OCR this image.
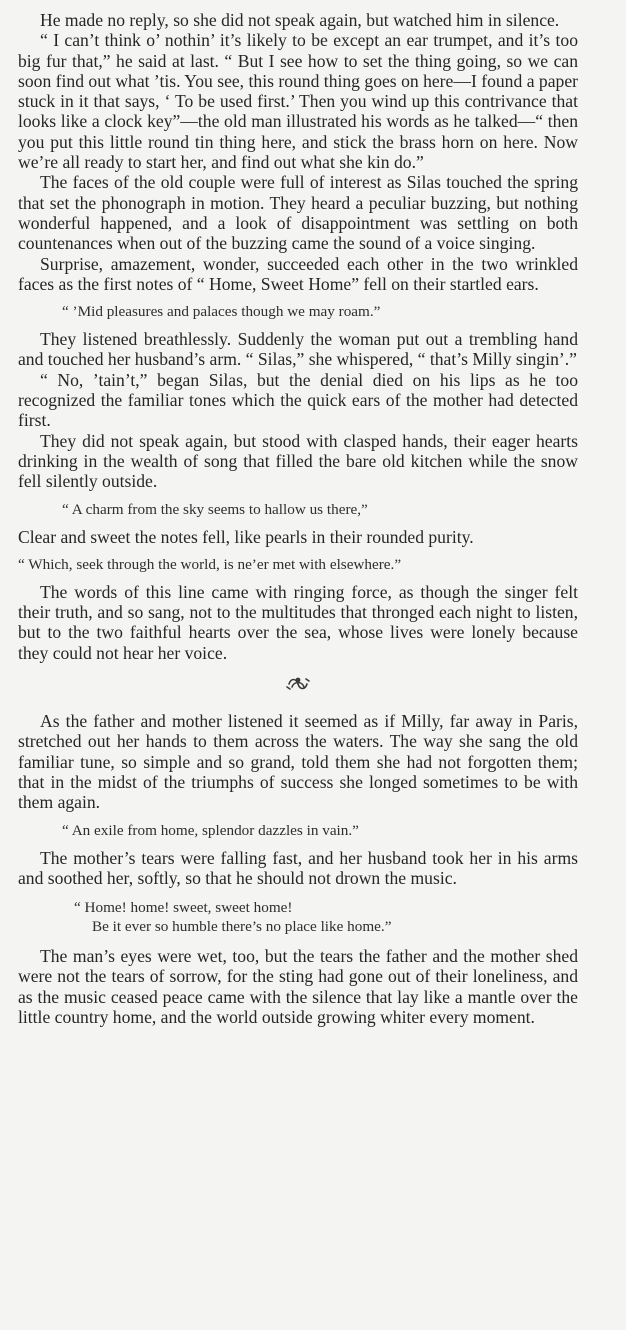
He made no reply, so she did not speak again, but watched him in silence.

“ I can’t think o’ nothin’ it’s likely to be except an ear trumpet, and it’s too big fur that,” he said at last. “ But I see how to set the thing going, so we can soon find out what ’tis. You see, this round thing goes on here—I found a paper stuck in it that says, ‘ To be used first.’ Then you wind up this contrivance that looks like a clock key”—the old man illustrated his words as he talked—“ then you put this little round tin thing here, and stick the brass horn on here. Now we’re all ready to start her, and find out what she kin do.”

The faces of the old couple were full of interest as Silas touched the spring that set the phonograph in motion. They heard a peculiar buzzing, but nothing wonderful happened, and a look of disappointment was settling on both countenances when out of the buzzing came the sound of a voice singing.

Surprise, amazement, wonder, succeeded each other in the two wrinkled faces as the first notes of “ Home, Sweet Home” fell on their startled ears.

“ ’Mid pleasures and palaces though we may roam.”

They listened breathlessly. Suddenly the woman put out a trembling hand and touched her husband’s arm. “ Silas,” she whispered, “ that’s Milly singin’.”

“ No, ’tain’t,” began Silas, but the denial died on his lips as he too recognized the familiar tones which the quick ears of the mother had detected first.

They did not speak again, but stood with clasped hands, their eager hearts drinking in the wealth of song that filled the bare old kitchen while the snow fell silently outside.

“ A charm from the sky seems to hallow us there,”

Clear and sweet the notes fell, like pearls in their rounded purity.

“ Which, seek through the world, is ne’er met with elsewhere.”

The words of this line came with ringing force, as though the singer felt their truth, and so sang, not to the multitudes that thronged each night to listen, but to the two faithful hearts over the sea, whose lives were lonely because they could not hear her voice.

As the father and mother listened it seemed as if Milly, far away in Paris, stretched out her hands to them across the waters. The way she sang the old familiar tune, so simple and so grand, told them she had not forgotten them; that in the midst of the triumphs of success she longed sometimes to be with them again.

“ An exile from home, splendor dazzles in vain.”

The mother’s tears were falling fast, and her husband took her in his arms and soothed her, softly, so that he should not drown the music.

“ Home! home! sweet, sweet home!
Be it ever so humble there’s no place like home.”

The man’s eyes were wet, too, but the tears the father and the mother shed were not the tears of sorrow, for the sting had gone out of their loneliness, and as the music ceased peace came with the silence that lay like a mantle over the little country home, and the world outside growing whiter every moment.
